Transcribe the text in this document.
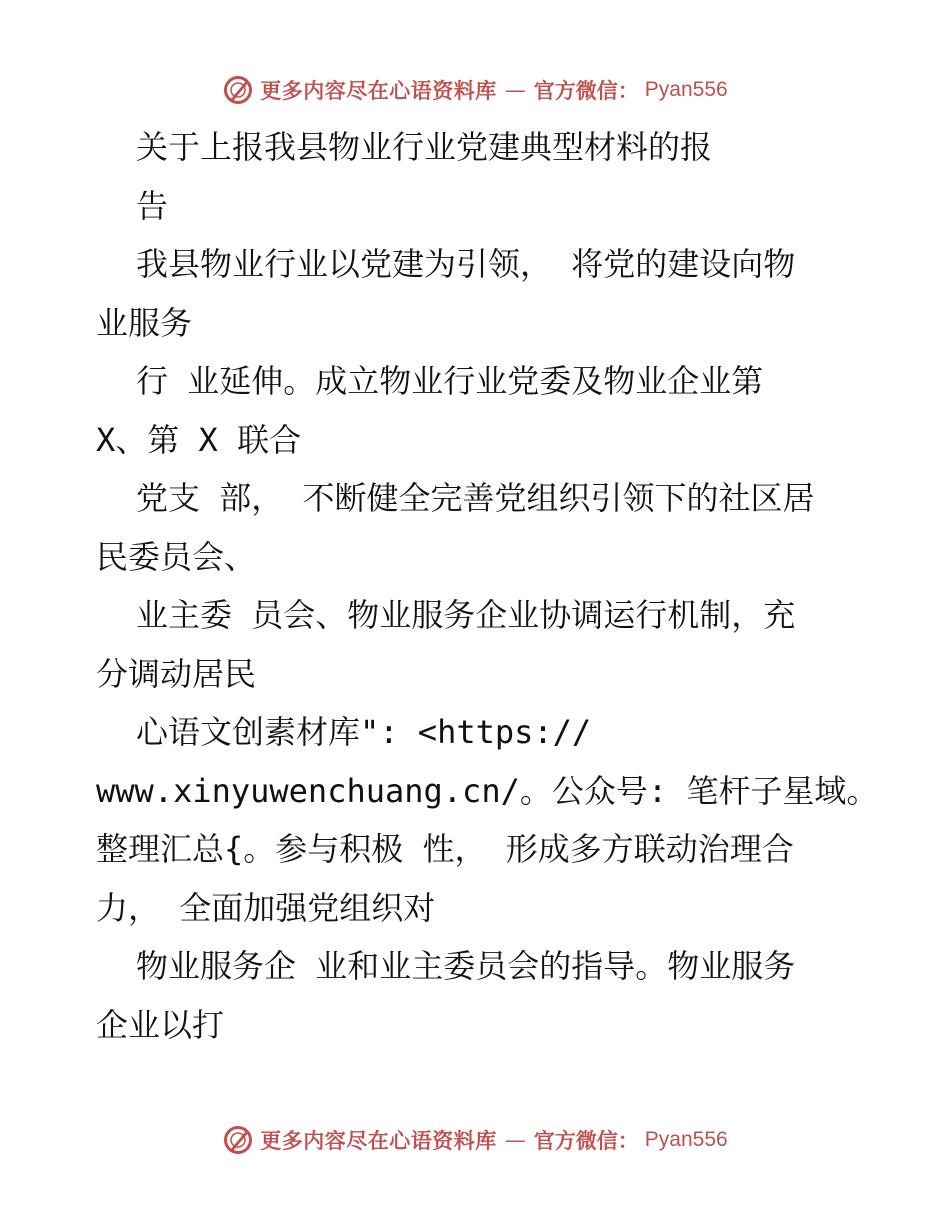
更多内容尽在心语资料库 — 官方微信： Pyan556
关于上报我县物业行业党建典型材料的报
告
我县物业行业以党建为引领， 将党的建设向物
业服务
行 业延伸。成立物业行业党委及物业企业第
X、第 X 联合
党支 部， 不断健全完善党组织引领下的社区居
民委员会、
业主委 员会、物业服务企业协调运行机制，充
分调动居民
心语文创素材库": <https://
www.xinyuwenchuang.cn/。公众号: 笔杆子星域。
整理汇总{。参与积极 性， 形成多方联动治理合
力， 全面加强党组织对
物业服务企 业和业主委员会的指导。物业服务
企业以打
更多内容尽在心语资料库 — 官方微信： Pyan556
